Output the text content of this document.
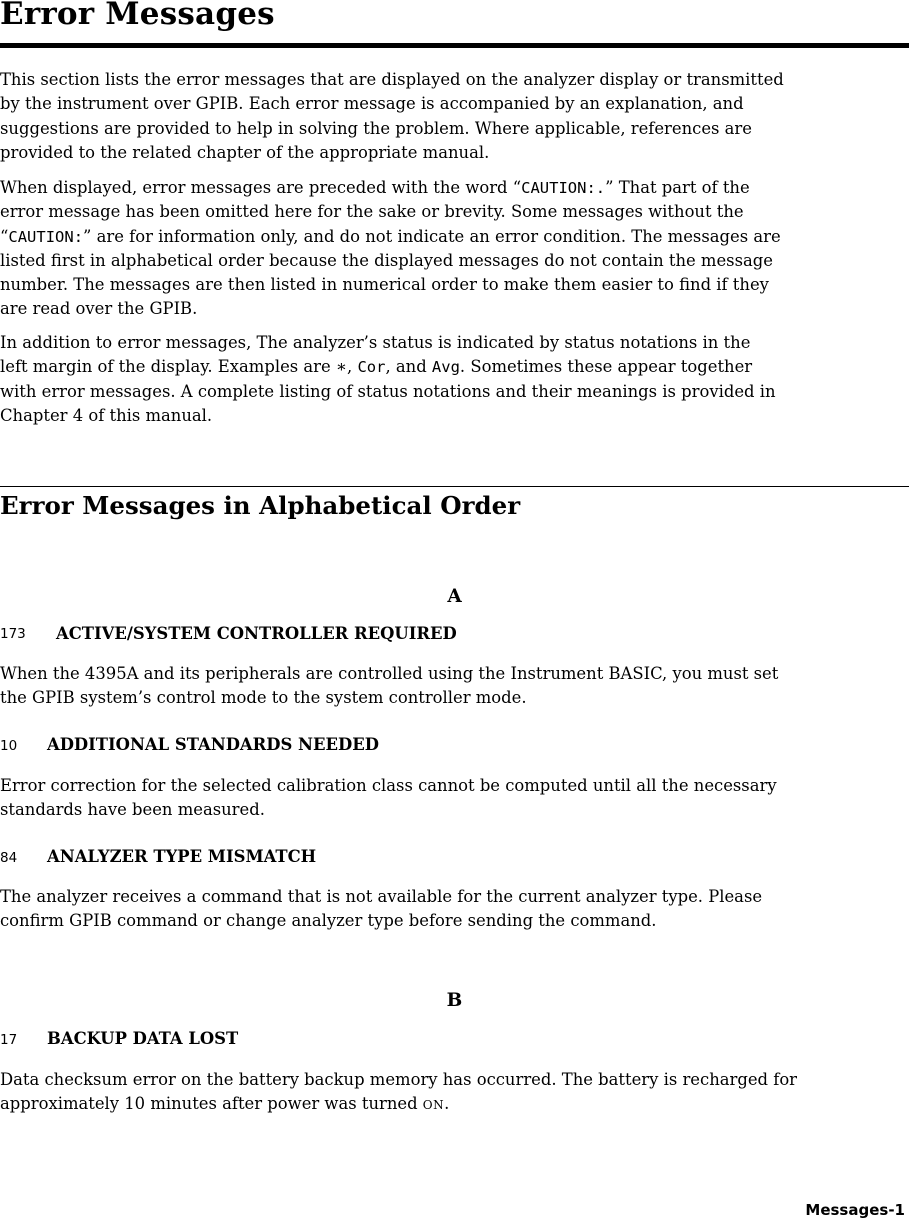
Error Messages

This section lists the error messages that are displayed on the analyzer display or transmitted
by the instrument over GPIB. Each error message is accompanied by an explanation, and
suggestions are provided to help in solving the problem. Where applicable, references are
provided to the related chapter of the appropriate manual.

When displayed, error messages are preceded with the word “CAUTION:.” That part of the
error message has been omitted here for the sake or brevity. Some messages without the
“CAUTION:” are for information only, and do not indicate an error condition. The messages are
listed first in alphabetical order because the displayed messages do not contain the message
number. The messages are then listed in numerical order to make them easier to find if they
are read over the GPIB.

In addition to error messages, The analyzer’s status is indicated by status notations in the
left margin of the display. Examples are ∗, Cor, and Avg. Sometimes these appear together
with error messages. A complete listing of status notations and their meanings is provided in
Chapter 4 of this manual.

Error Messages in Alphabetical Order
A
173 ACTIVE/SYSTEM CONTROLLER REQUIRED

When the 4395A and its peripherals are controlled using the Instrument BASIC, you must set
the GPIB system’s control mode to the system controller mode.

10 ADDITIONAL STANDARDS NEEDED

Error correction for the selected calibration class cannot be computed until all the necessary
standards have been measured.

84 ANALYZER TYPE MISMATCH

The analyzer receives a command that is not available for the current analyzer type. Please
confirm GPIB command or change analyzer type before sending the command.

B
17 BACKUP DATA LOST

Data checksum error on the battery backup memory has occurred. The battery is recharged for
approximately 10 minutes after power was turned ON.

Messages-1
